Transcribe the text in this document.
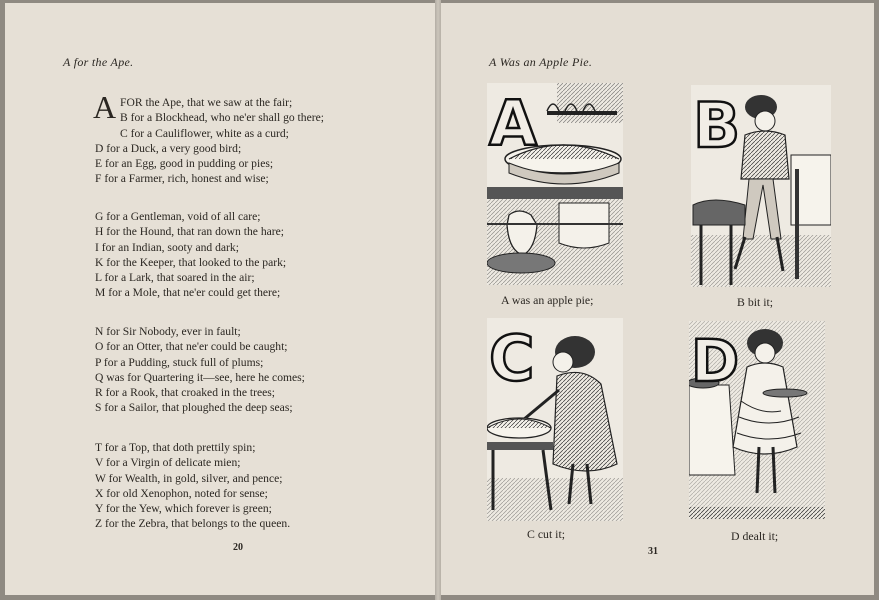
A for the Ape.
A FOR the Ape, that we saw at the fair;
B for a Blockhead, who ne'er shall go there;
C for a Cauliflower, white as a curd;
D for a Duck, a very good bird;
E for an Egg, good in pudding or pies;
F for a Farmer, rich, honest and wise;
G for a Gentleman, void of all care;
H for the Hound, that ran down the hare;
I for an Indian, sooty and dark;
K for the Keeper, that looked to the park;
L for a Lark, that soared in the air;
M for a Mole, that ne'er could get there;
N for Sir Nobody, ever in fault;
O for an Otter, that ne'er could be caught;
P for a Pudding, stuck full of plums;
Q was for Quartering it—see, here he comes;
R for a Rook, that croaked in the trees;
S for a Sailor, that ploughed the deep seas;
T for a Top, that doth prettily spin;
V for a Virgin of delicate mien;
W for Wealth, in gold, silver, and pence;
X for old Xenophon, noted for sense;
Y for the Yew, which forever is green;
Z for the Zebra, that belongs to the queen.
20
A Was an Apple Pie.
A
A was an apple pie;
B
B bit it;
C
C cut it;
D
D dealt it;
31
